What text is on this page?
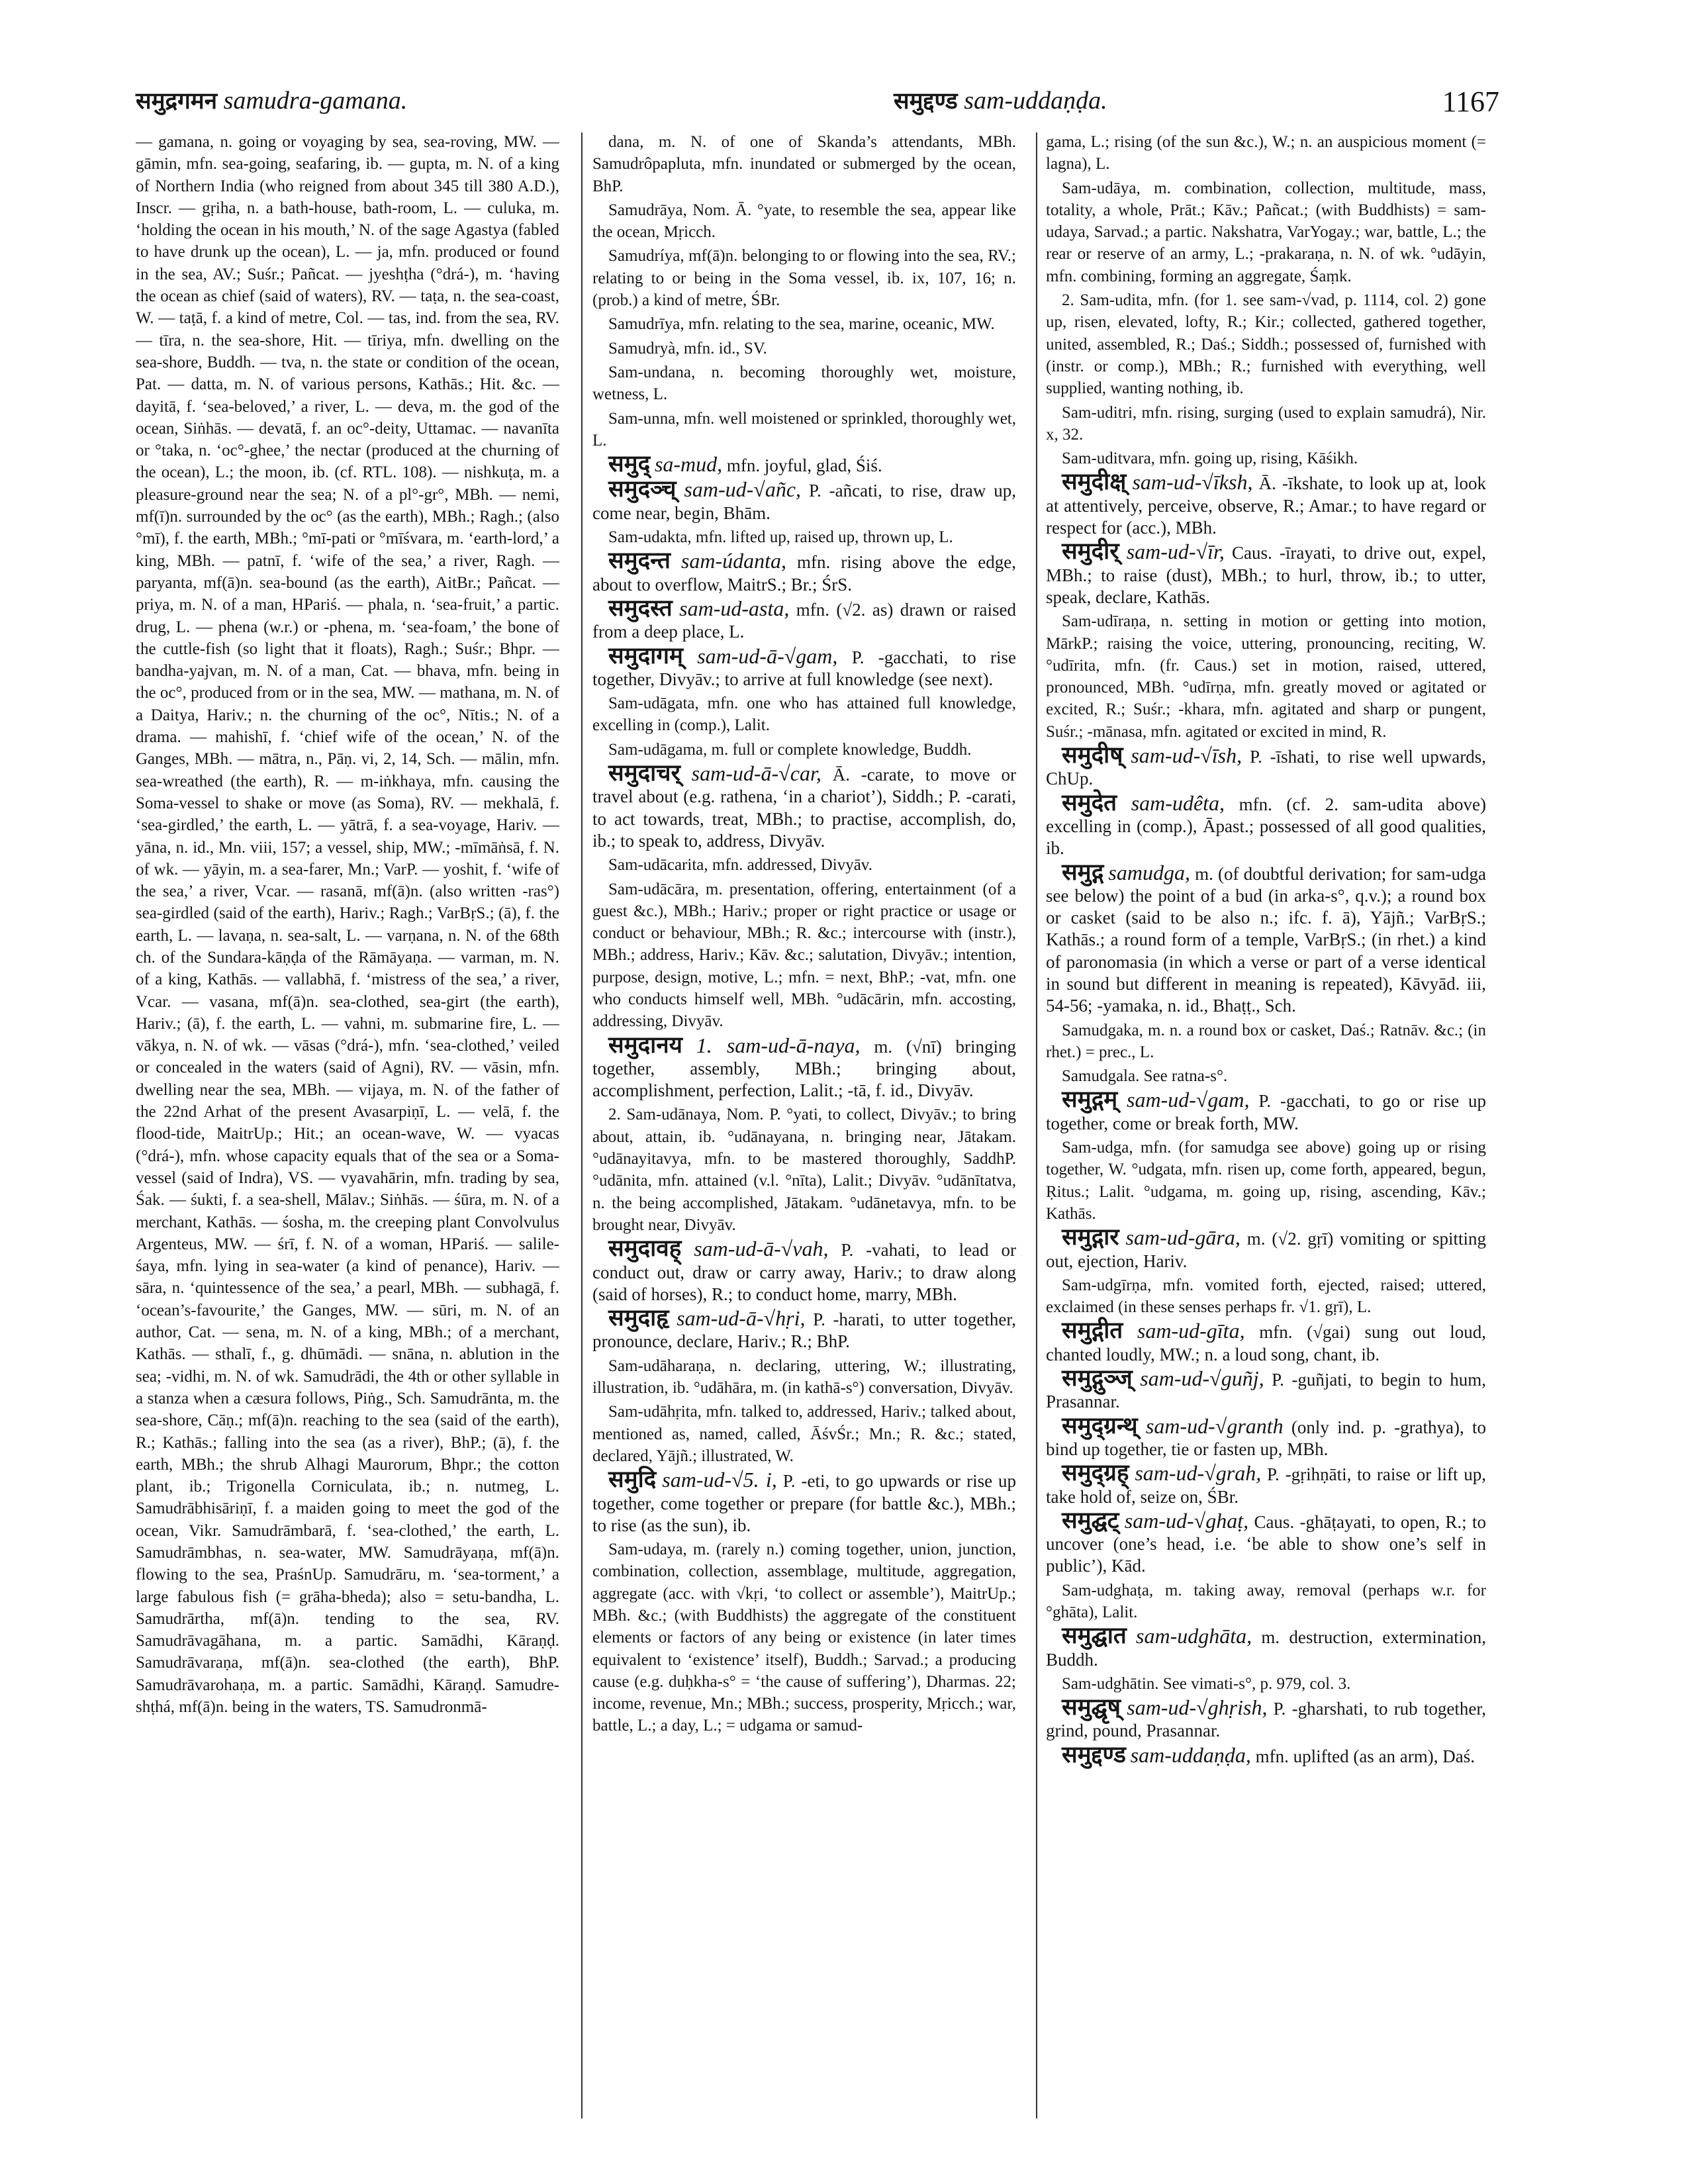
समुद्रगमन samudra-gamana.	समुद्दण्ड sam-uddaṇḍa.	1167

— gamana, n. going or voyaging by sea, sea-roving, MW. — gāmin, mfn. sea-going, seafaring, ib. — gupta, m. N. of a king of Northern India (who reigned from about 345 till 380 A.D.), Inscr. — gṛiha, n. a bath-house, bath-room, L. — culuka, m. ‘holding the ocean in his mouth,’ N. of the sage Agastya (fabled to have drunk up the ocean), L. — ja, mfn. produced or found in the sea, AV.; Suśr.; Pañcat. — jyeshṭha (°drá-), m. ‘having the ocean as chief (said of waters), RV. — taṭa, n. the sea-coast, W. — taṭā, f. a kind of metre, Col. — tas, ind. from the sea, RV. — tīra, n. the sea-shore, Hit. — tīriya, mfn. dwelling on the sea-shore, Buddh. — tva, n. the state or condition of the ocean, Pat. — datta, m. N. of various persons, Kathās.; Hit. &c. — dayitā, f. ‘sea-beloved,’ a river, L. — deva, m. the god of the ocean, Siṅhās. — devatā, f. an oc°-deity, Uttamac. — navanīta or °taka, n. ‘oc°-ghee,’ the nectar (produced at the churning of the ocean), L.; the moon, ib. (cf. RTL. 108). — nishkuṭa, m. a pleasure-ground near the sea; N. of a pl°-gr°, MBh. — nemi, mf(ī)n. surrounded by the oc° (as the earth), MBh.; Ragh.; (also °mī), f. the earth, MBh.; °mī-pati or °mīśvara, m. ‘earth-lord,’ a king, MBh. — patnī, f. ‘wife of the sea,’ a river, Ragh. — paryanta, mf(ā)n. sea-bound (as the earth), AitBr.; Pañcat. — priya, m. N. of a man, HPariś. — phala, n. ‘sea-fruit,’ a partic. drug, L. — phena (w.r.) or -phena, m. ‘sea-foam,’ the bone of the cuttle-fish (so light that it floats), Ragh.; Suśr.; Bhpr. — bandha-yajvan, m. N. of a man, Cat. — bhava, mfn. being in the oc°, produced from or in the sea, MW. — mathana, m. N. of a Daitya, Hariv.; n. the churning of the oc°, Nītis.; N. of a drama. — mahishī, f. ‘chief wife of the ocean,’ N. of the Ganges, MBh. — mātra, n., Pāṇ. vi, 2, 14, Sch. — mālin, mfn. sea-wreathed (the earth), R. — m-iṅkhaya, mfn. causing the Soma-vessel to shake or move (as Soma), RV. — mekhalā, f. ‘sea-girdled,’ the earth, L. — yātrā, f. a sea-voyage, Hariv. — yāna, n. id., Mn. viii, 157; a vessel, ship, MW.; -mīmāṅsā, f. N. of wk. — yāyin, m. a sea-farer, Mn.; VarP. — yoshit, f. ‘wife of the sea,’ a river, Vcar. — rasanā, mf(ā)n. (also written -ras°) sea-girdled (said of the earth), Hariv.; Ragh.; VarBṛS.; (ā), f. the earth, L. — lavaṇa, n. sea-salt, L. — varṇana, n. N. of the 68th ch. of the Sundara-kāṇḍa of the Rāmāyaṇa. — varman, m. N. of a king, Kathās. — vallabhā, f. ‘mistress of the sea,’ a river, Vcar. — vasana, mf(ā)n. sea-clothed, sea-girt (the earth), Hariv.; (ā), f. the earth, L. — vahni, m. submarine fire, L. — vākya, n. N. of wk. — vāsas (°drá-), mfn. ‘sea-clothed,’ veiled or concealed in the waters (said of Agni), RV. — vāsin, mfn. dwelling near the sea, MBh. — vijaya, m. N. of the father of the 22nd Arhat of the present Avasarpiṇī, L. — velā, f. the flood-tide, MaitrUp.; Hit.; an ocean-wave, W. — vyacas (°drá-), mfn. whose capacity equals that of the sea or a Soma-vessel (said of Indra), VS. — vyavahārin, mfn. trading by sea, Śak. — śukti, f. a sea-shell, Mālav.; Siṅhās. — śūra, m. N. of a merchant, Kathās. — śosha, m. the creeping plant Convolvulus Argenteus, MW. — śrī, f. N. of a woman, HPariś. — salile-śaya, mfn. lying in sea-water (a kind of penance), Hariv. — sāra, n. ‘quintessence of the sea,’ a pearl, MBh. — subhagā, f. ‘ocean’s-favourite,’ the Ganges, MW. — sūri, m. N. of an author, Cat. — sena, m. N. of a king, MBh.; of a merchant, Kathās. — sthalī, f., g. dhūmādi. — snāna, n. ablution in the sea; -vidhi, m. N. of wk. Samudrādi, the 4th or other syllable in a stanza when a cæsura follows, Piṅg., Sch. Samudrānta, m. the sea-shore, Cāṇ.; mf(ā)n. reaching to the sea (said of the earth), R.; Kathās.; falling into the sea (as a river), BhP.; (ā), f. the earth, MBh.; the shrub Alhagi Maurorum, Bhpr.; the cotton plant, ib.; Trigonella Corniculata, ib.; n. nutmeg, L. Samudrābhisāriṇī, f. a maiden going to meet the god of the ocean, Vikr. Samudrāmbarā, f. ‘sea-clothed,’ the earth, L. Samudrāmbhas, n. sea-water, MW. Samudrāyaṇa, mf(ā)n. flowing to the sea, PraśnUp. Samudrāru, m. ‘sea-torment,’ a large fabulous fish (= grāha-bheda); also = setu-bandha, L. Samudrārtha, mf(ā)n. tending to the sea, RV. Samudrāvagāhana, m. a partic. Samādhi, Kāraṇḍ. Samudrāvaraṇa, mf(ā)n. sea-clothed (the earth), BhP. Samudrāvarohaṇa, m. a partic. Samādhi, Kāraṇḍ. Samudre-shṭhá, mf(ā)n. being in the waters, TS. Samudronmā-

dana, m. N. of one of Skanda’s attendants, MBh. Samudrôpapluta, mfn. inundated or submerged by the ocean, BhP.

Samudrāya, Nom. Ā. °yate, to resemble the sea, appear like the ocean, Mṛicch.

Samudríya, mf(ā)n. belonging to or flowing into the sea, RV.; relating to or being in the Soma vessel, ib. ix, 107, 16; n. (prob.) a kind of metre, ŚBr.

Samudrīya, mfn. relating to the sea, marine, oceanic, MW.

Samudryà, mfn. id., SV.

Sam-undana, n. becoming thoroughly wet, moisture, wetness, L.

Sam-unna, mfn. well moistened or sprinkled, thoroughly wet, L.

समुद् sa-mud, mfn. joyful, glad, Śiś.

समुदञ्च् sam-ud-√añc, P. -añcati, to rise, draw up, come near, begin, Bhām.

Sam-udakta, mfn. lifted up, raised up, thrown up, L.

समुदन्त sam-údanta, mfn. rising above the edge, about to overflow, MaitrS.; Br.; ŚrS.

समुदस्त sam-ud-asta, mfn. (√2. as) drawn or raised from a deep place, L.

समुदागम् sam-ud-ā-√gam, P. -gacchati, to rise together, Divyāv.; to arrive at full knowledge (see next).

Sam-udāgata, mfn. one who has attained full knowledge, excelling in (comp.), Lalit.

Sam-udāgama, m. full or complete knowledge, Buddh.

समुदाचर् sam-ud-ā-√car, Ā. -carate, to move or travel about (e.g. rathena, ‘in a chariot’), Siddh.; P. -carati, to act towards, treat, MBh.; to practise, accomplish, do, ib.; to speak to, address, Divyāv.

Sam-udācarita, mfn. addressed, Divyāv.

Sam-udācāra, m. presentation, offering, entertainment (of a guest &c.), MBh.; Hariv.; proper or right practice or usage or conduct or behaviour, MBh.; R. &c.; intercourse with (instr.), MBh.; address, Hariv.; Kāv. &c.; salutation, Divyāv.; intention, purpose, design, motive, L.; mfn. = next, BhP.; -vat, mfn. one who conducts himself well, MBh. °udācārin, mfn. accosting, addressing, Divyāv.

समुदानय 1. sam-ud-ā-naya, m. (√nī) bringing together, assembly, MBh.; bringing about, accomplishment, perfection, Lalit.; -tā, f. id., Divyāv.

2. Sam-udānaya, Nom. P. °yati, to collect, Divyāv.; to bring about, attain, ib. °udānayana, n. bringing near, Jātakam. °udānayitavya, mfn. to be mastered thoroughly, SaddhP. °udānita, mfn. attained (v.l. °nīta), Lalit.; Divyāv. °udānītatva, n. the being accomplished, Jātakam. °udānetavya, mfn. to be brought near, Divyāv.

समुदावह् sam-ud-ā-√vah, P. -vahati, to lead or conduct out, draw or carry away, Hariv.; to draw along (said of horses), R.; to conduct home, marry, MBh.

समुदाहृ sam-ud-ā-√hṛi, P. -harati, to utter together, pronounce, declare, Hariv.; R.; BhP.

Sam-udāharaṇa, n. declaring, uttering, W.; illustrating, illustration, ib. °udāhāra, m. (in kathā-s°) conversation, Divyāv.

Sam-udāhṛita, mfn. talked to, addressed, Hariv.; talked about, mentioned as, named, called, ĀśvŚr.; Mn.; R. &c.; stated, declared, Yājñ.; illustrated, W.

समुदि sam-ud-√5. i, P. -eti, to go upwards or rise up together, come together or prepare (for battle &c.), MBh.; to rise (as the sun), ib.

Sam-udaya, m. (rarely n.) coming together, union, junction, combination, collection, assemblage, multitude, aggregation, aggregate (acc. with √kṛi, ‘to collect or assemble’), MaitrUp.; MBh. &c.; (with Buddhists) the aggregate of the constituent elements or factors of any being or existence (in later times equivalent to ‘existence’ itself), Buddh.; Sarvad.; a producing cause (e.g. duḥkha-s° = ‘the cause of suffering’), Dharmas. 22; income, revenue, Mn.; MBh.; success, prosperity, Mṛicch.; war, battle, L.; a day, L.; = udgama or samud-

gama, L.; rising (of the sun &c.), W.; n. an auspicious moment (= lagna), L.

Sam-udāya, m. combination, collection, multitude, mass, totality, a whole, Prāt.; Kāv.; Pañcat.; (with Buddhists) = sam-udaya, Sarvad.; a partic. Nakshatra, VarYogay.; war, battle, L.; the rear or reserve of an army, L.; -prakaraṇa, n. N. of wk. °udāyin, mfn. combining, forming an aggregate, Śaṃk.

2. Sam-udita, mfn. (for 1. see sam-√vad, p. 1114, col. 2) gone up, risen, elevated, lofty, R.; Kir.; collected, gathered together, united, assembled, R.; Daś.; Siddh.; possessed of, furnished with (instr. or comp.), MBh.; R.; furnished with everything, well supplied, wanting nothing, ib.

Sam-uditri, mfn. rising, surging (used to explain samudrá), Nir. x, 32.

Sam-uditvara, mfn. going up, rising, Kāśikh.

समुदीक्ष् sam-ud-√īksh, Ā. -īkshate, to look up at, look at attentively, perceive, observe, R.; Amar.; to have regard or respect for (acc.), MBh.

समुदीर् sam-ud-√īr, Caus. -īrayati, to drive out, expel, MBh.; to raise (dust), MBh.; to hurl, throw, ib.; to utter, speak, declare, Kathās.

Sam-udīraṇa, n. setting in motion or getting into motion, MārkP.; raising the voice, uttering, pronouncing, reciting, W. °udīrita, mfn. (fr. Caus.) set in motion, raised, uttered, pronounced, MBh. °udīrṇa, mfn. greatly moved or agitated or excited, R.; Suśr.; -khara, mfn. agitated and sharp or pungent, Suśr.; -mānasa, mfn. agitated or excited in mind, R.

समुदीष् sam-ud-√īsh, P. -īshati, to rise well upwards, ChUp.

समुदेत sam-udêta, mfn. (cf. 2. sam-udita above) excelling in (comp.), Āpast.; possessed of all good qualities, ib.

समुद्ग samudga, m. (of doubtful derivation; for sam-udga see below) the point of a bud (in arka-s°, q.v.); a round box or casket (said to be also n.; ifc. f. ā), Yājñ.; VarBṛS.; Kathās.; a round form of a temple, VarBṛS.; (in rhet.) a kind of paronomasia (in which a verse or part of a verse identical in sound but different in meaning is repeated), Kāvyād. iii, 54-56; -yamaka, n. id., Bhaṭṭ., Sch.

Samudgaka, m. n. a round box or casket, Daś.; Ratnāv. &c.; (in rhet.) = prec., L.

Samudgala. See ratna-s°.

समुद्गम् sam-ud-√gam, P. -gacchati, to go or rise up together, come or break forth, MW.

Sam-udga, mfn. (for samudga see above) going up or rising together, W. °udgata, mfn. risen up, come forth, appeared, begun, Ṛitus.; Lalit. °udgama, m. going up, rising, ascending, Kāv.; Kathās.

समुद्गार sam-ud-gāra, m. (√2. gṛī) vomiting or spitting out, ejection, Hariv.

Sam-udgīrṇa, mfn. vomited forth, ejected, raised; uttered, exclaimed (in these senses perhaps fr. √1. gṛī), L.

समुद्गीत sam-ud-gīta, mfn. (√gai) sung out loud, chanted loudly, MW.; n. a loud song, chant, ib.

समुद्गुञ्ज् sam-ud-√guñj, P. -guñjati, to begin to hum, Prasannar.

समुद्ग्रन्थ् sam-ud-√granth (only ind. p. -grathya), to bind up together, tie or fasten up, MBh.

समुद्ग्रह् sam-ud-√grah, P. -gṛihṇāti, to raise or lift up, take hold of, seize on, ŚBr.

समुद्घट् sam-ud-√ghaṭ, Caus. -ghāṭayati, to open, R.; to uncover (one’s head, i.e. ‘be able to show one’s self in public’), Kād.

Sam-udghaṭa, m. taking away, removal (perhaps w.r. for °ghāta), Lalit.

समुद्घात sam-udghāta, m. destruction, extermination, Buddh.

Sam-udghātin. See vimati-s°, p. 979, col. 3.

समुद्घृष् sam-ud-√ghṛish, P. -gharshati, to rub together, grind, pound, Prasannar.

समुद्दण्ड sam-uddaṇḍa, mfn. uplifted (as an arm), Daś.
